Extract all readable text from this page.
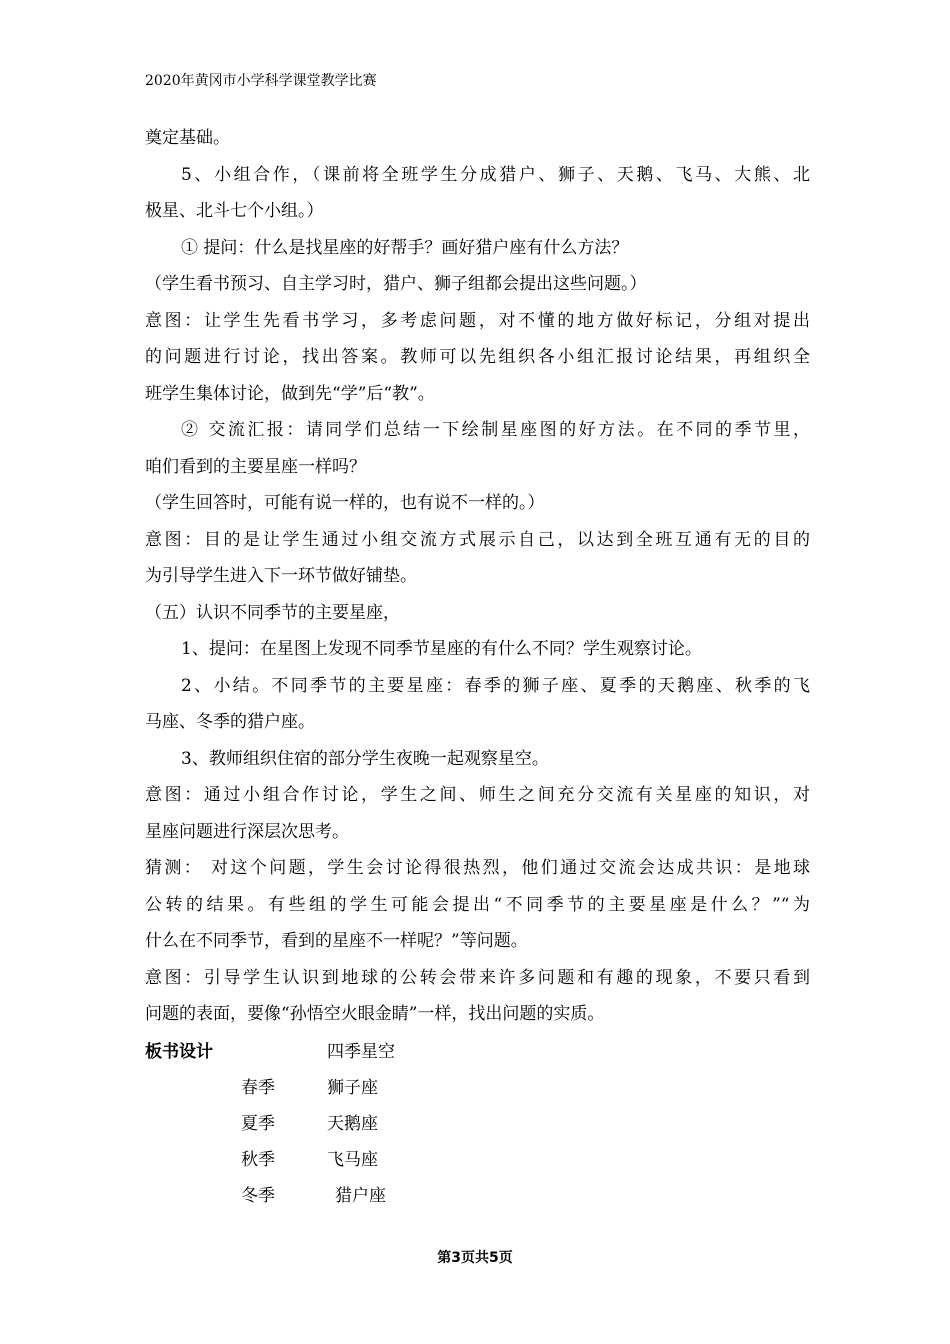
2020年黄冈市小学科学课堂教学比赛
奠定基础。
5、小组合作，（课前将全班学生分成猎户、狮子、天鹅、飞马、大熊、北
极星、北斗七个小组。）
① 提问：什么是找星座的好帮手？画好猎户座有什么方法？
（学生看书预习、自主学习时，猎户、狮子组都会提出这些问题。）
意图：让学生先看书学习，多考虑问题，对不懂的地方做好标记，分组对提出
的问题进行讨论，找出答案。教师可以先组织各小组汇报讨论结果，再组织全
班学生集体讨论，做到先“学”后“教”。
② 交流汇报：请同学们总结一下绘制星座图的好方法。在不同的季节里，
咱们看到的主要星座一样吗？
（学生回答时，可能有说一样的，也有说不一样的。）
意图：目的是让学生通过小组交流方式展示自己，以达到全班互通有无的目的
为引导学生进入下一环节做好铺垫。
（五）认识不同季节的主要星座，
1、提问：在星图上发现不同季节星座的有什么不同？学生观察讨论。
2、小结。不同季节的主要星座：春季的狮子座、夏季的天鹅座、秋季的飞
马座、冬季的猎户座。
3、教师组织住宿的部分学生夜晚一起观察星空。
意图：通过小组合作讨论，学生之间、师生之间充分交流有关星座的知识，对
星座问题进行深层次思考。
猜测： 对这个问题，学生会讨论得很热烈，他们通过交流会达成共识：是地球
公转的结果。有些组的学生可能会提出“不同季节的主要星座是什么？”“为
什么在不同季节，看到的星座不一样呢？”等问题。
意图：引导学生认识到地球的公转会带来许多问题和有趣的现象，不要只看到
问题的表面，要像“孙悟空火眼金睛”一样，找出问题的实质。
板书设计	四季星空
春季	狮子座
夏季	天鹅座
秋季	飞马座
冬季	猎户座
第3页共5页
